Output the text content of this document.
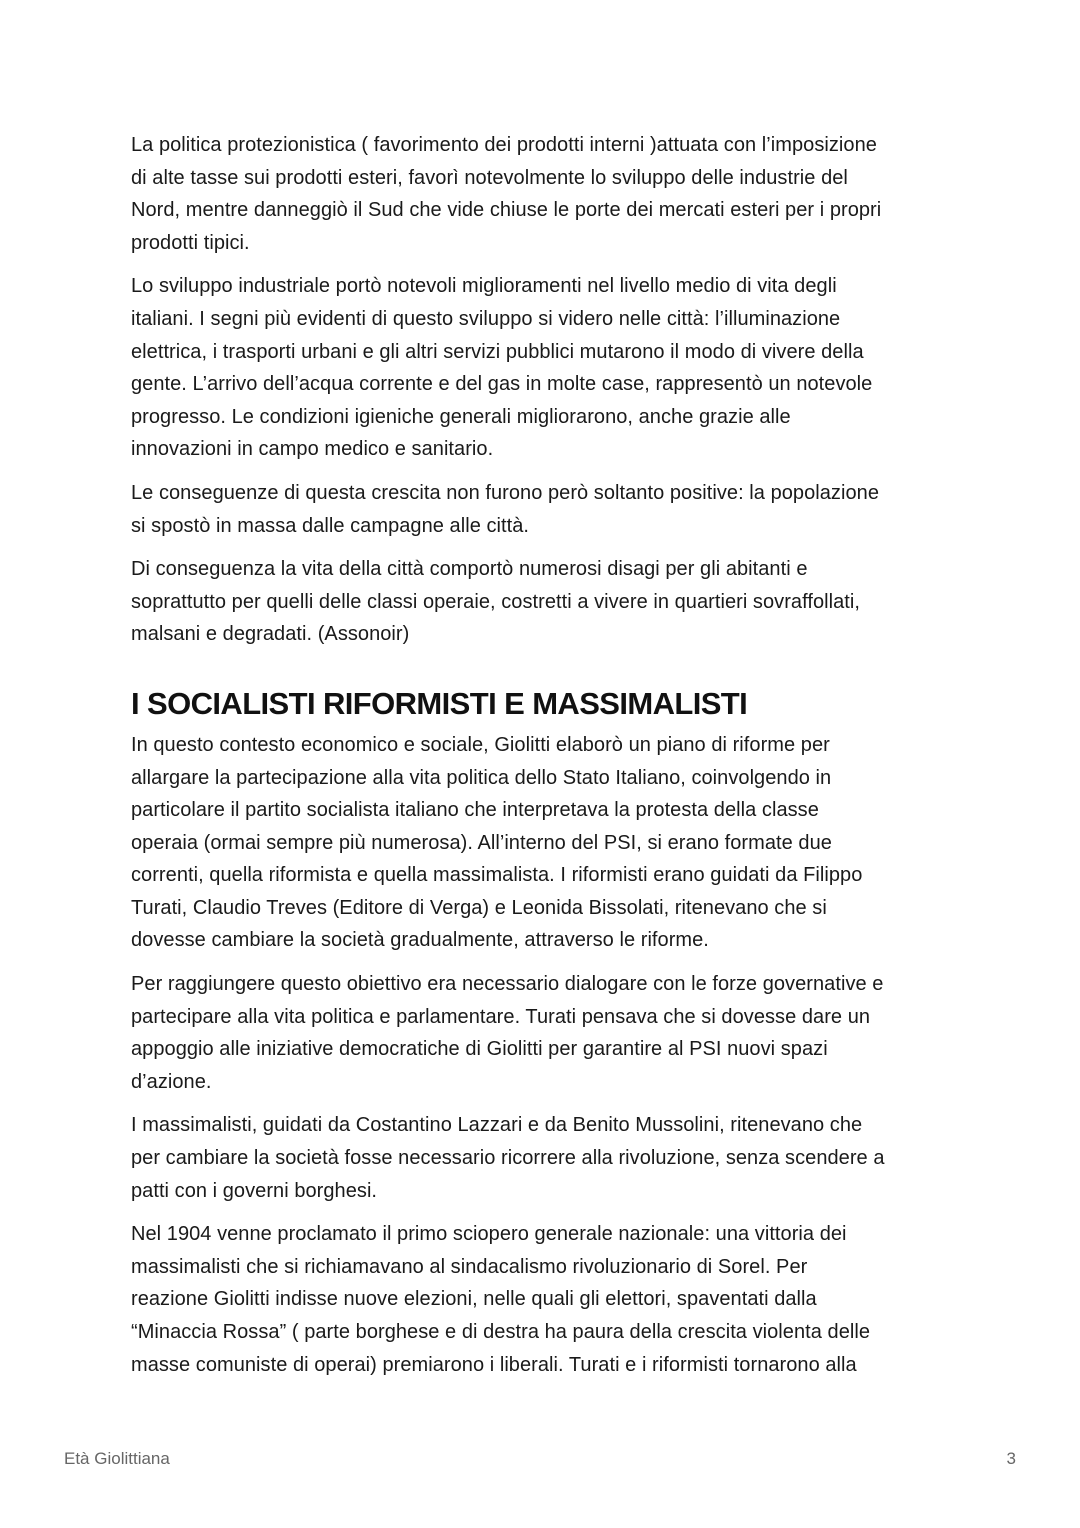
La politica protezionistica ( favorimento dei prodotti interni )attuata con l’imposizione
di alte tasse sui prodotti esteri, favorì notevolmente lo sviluppo delle industrie del
Nord, mentre danneggiò il Sud che vide chiuse le porte dei mercati esteri per i propri
prodotti tipici.

Lo sviluppo industriale portò notevoli miglioramenti nel livello medio di vita degli
italiani. I segni più evidenti di questo sviluppo si videro nelle città: l’illuminazione
elettrica, i trasporti urbani e gli altri servizi pubblici mutarono il modo di vivere della
gente. L’arrivo dell’acqua corrente e del gas in molte case, rappresentò un notevole
progresso. Le condizioni igieniche generali migliorarono, anche grazie alle
innovazioni in campo medico e sanitario.

Le conseguenze di questa crescita non furono però soltanto positive: la popolazione
si spostò in massa dalle campagne alle città.

Di conseguenza la vita della città comportò numerosi disagi per gli abitanti e
soprattutto per quelli delle classi operaie, costretti a vivere in quartieri sovraffollati,
malsani e degradati. (Assonoir)

I SOCIALISTI RIFORMISTI E MASSIMALISTI

In questo contesto economico e sociale, Giolitti elaborò un piano di riforme per
allargare la partecipazione alla vita politica dello Stato Italiano, coinvolgendo in
particolare il partito socialista italiano che interpretava la protesta della classe
operaia (ormai sempre più numerosa). All’interno del PSI, si erano formate due
correnti, quella riformista e quella massimalista. I riformisti erano guidati da Filippo
Turati, Claudio Treves (Editore di Verga) e Leonida Bissolati, ritenevano che si
dovesse cambiare la società gradualmente, attraverso le riforme.

Per raggiungere questo obiettivo era necessario dialogare con le forze governative e
partecipare alla vita politica e parlamentare. Turati pensava che si dovesse dare un
appoggio alle iniziative democratiche di Giolitti per garantire al PSI nuovi spazi
d’azione.

I massimalisti, guidati da Costantino Lazzari e da Benito Mussolini, ritenevano che
per cambiare la società fosse necessario ricorrere alla rivoluzione, senza scendere a
patti con i governi borghesi.

Nel 1904 venne proclamato il primo sciopero generale nazionale: una vittoria dei
massimalisti che si richiamavano al sindacalismo rivoluzionario di Sorel. Per
reazione Giolitti indisse nuove elezioni, nelle quali gli elettori, spaventati dalla
“Minaccia Rossa” ( parte borghese e di destra ha paura della crescita violenta delle
masse comuniste di operai) premiarono i liberali. Turati e i riformisti tornarono alla

Età Giolittiana	3
